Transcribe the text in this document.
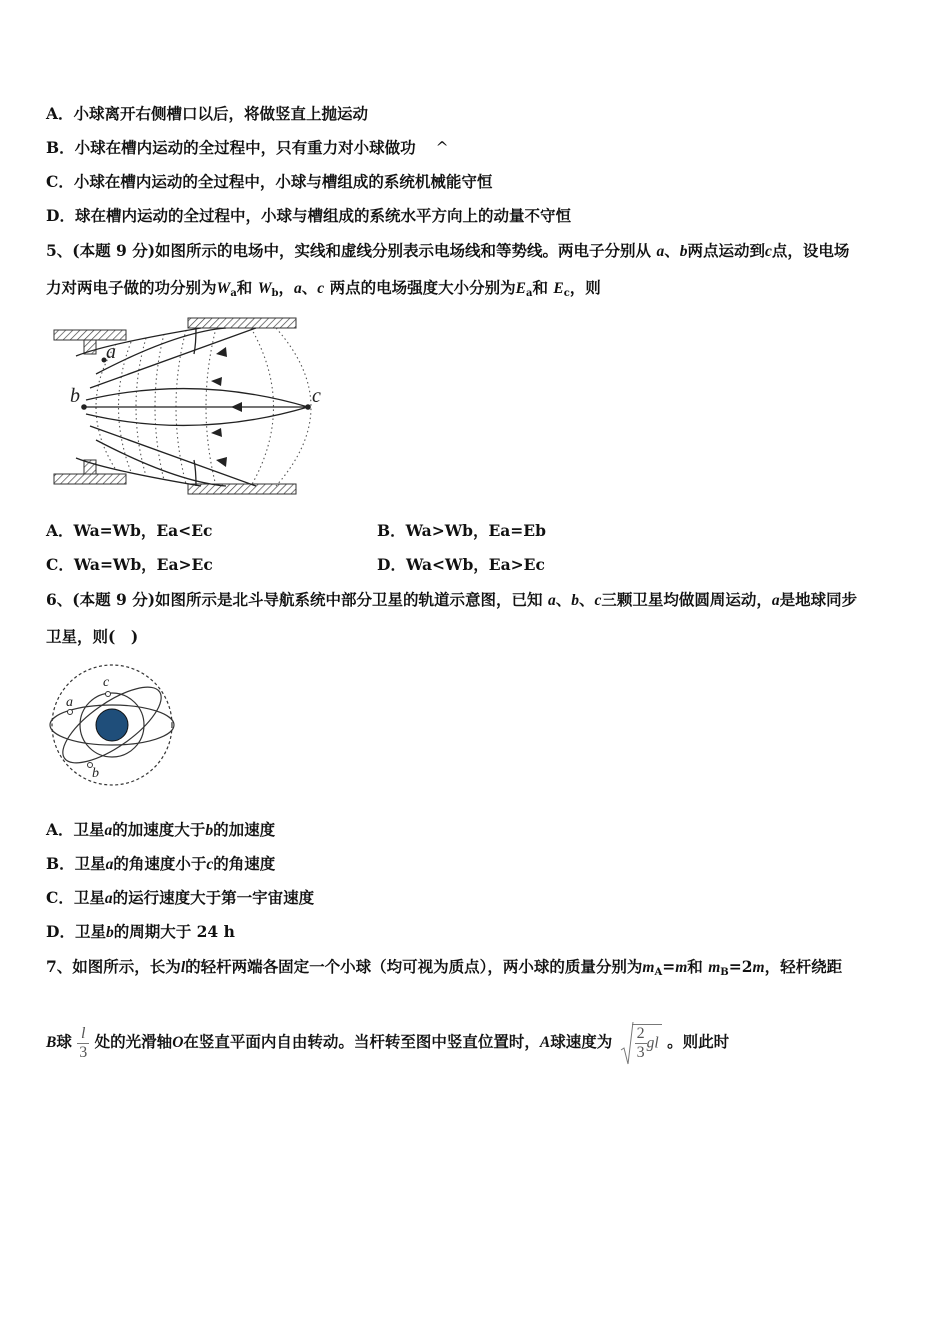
A．小球离开右侧槽口以后，将做竖直上抛运动
B．小球在槽内运动的全过程中，只有重力对小球做功 ^
C．小球在槽内运动的全过程中，小球与槽组成的系统机械能守恒
D．球在槽内运动的全过程中，小球与槽组成的系统水平方向上的动量不守恒
5、(本题 9 分)如图所示的电场中，实线和虚线分别表示电场线和等势线。两电子分别从 a、b两点运动到c点，设电场
力对两电子做的功分别为$W_a$和 $W_b$，a、c 两点的电场强度大小分别为$E_a$和 $E_c$，则
b	c
a
A．Wa=Wb，Ea<Ec	B．Wa>Wb，Ea=Eb
C．Wa=Wb，Ea>Ec	D．Wa<Wb，Ea>Ec
6、(本题 9 分)如图所示是北斗导航系统中部分卫星的轨道示意图，已知 a、b、c三颗卫星均做圆周运动，a是地球同步
卫星，则(　)
a
c
b
A．卫星a的加速度大于b的加速度
B．卫星a的角速度小于c的角速度
C．卫星a的运行速度大于第一宇宙速度
D．卫星b的周期大于 24 h
7、如图所示，长为l的轻杆两端各固定一个小球（均可视为质点），两小球的质量分别为$m_A=m$和 $m_B=2m$，轻杆绕距
B球 $\frac{l}{3}$ 处的光滑轴O在竖直平面内自由转动。当杆转至图中竖直位置时，A球速度为 $\frac{2}{3}$ gl 。则此时
